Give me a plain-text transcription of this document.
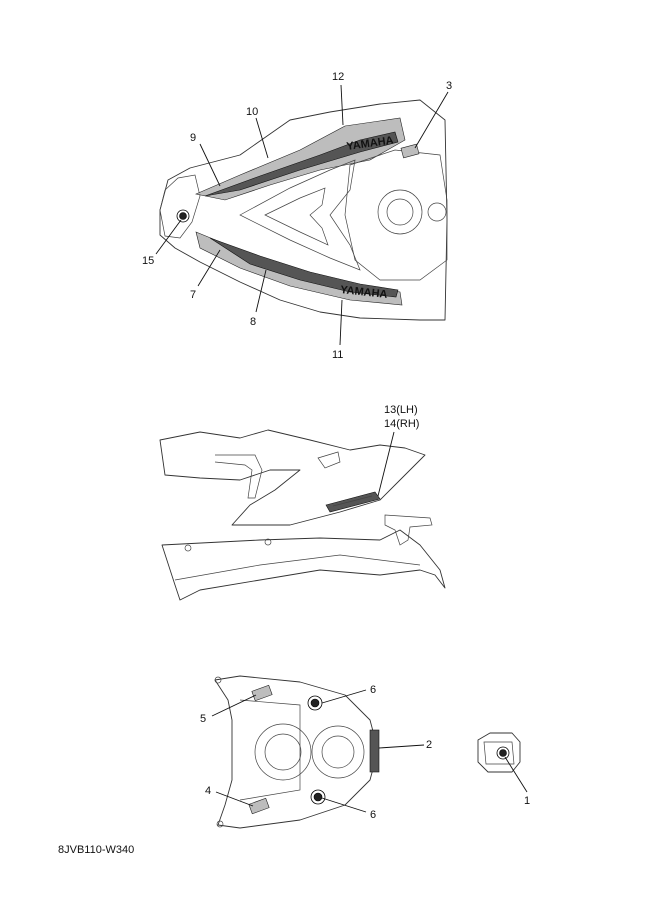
YAMAHA
YAMAHA
12
3
10
9
15
7
8
11
13(LH)
14(RH)
5
6
2
4
6
1
8JVB110-W340
